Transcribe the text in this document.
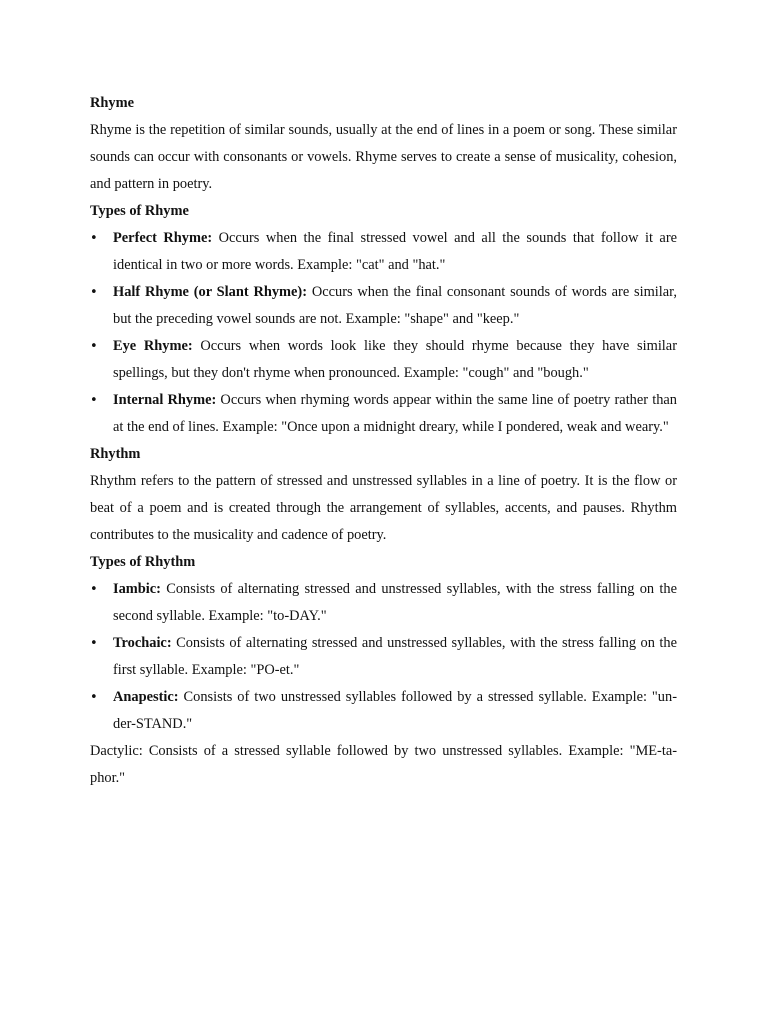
Rhyme

Rhyme is the repetition of similar sounds, usually at the end of lines in a poem or song. These similar sounds can occur with consonants or vowels. Rhyme serves to create a sense of musicality, cohesion, and pattern in poetry.

Types of Rhyme
• Perfect Rhyme: Occurs when the final stressed vowel and all the sounds that follow it are identical in two or more words. Example: "cat" and "hat."
• Half Rhyme (or Slant Rhyme): Occurs when the final consonant sounds of words are similar, but the preceding vowel sounds are not. Example: "shape" and "keep."
• Eye Rhyme: Occurs when words look like they should rhyme because they have similar spellings, but they don't rhyme when pronounced. Example: "cough" and "bough."
• Internal Rhyme: Occurs when rhyming words appear within the same line of poetry rather than at the end of lines. Example: "Once upon a midnight dreary, while I pondered, weak and weary."
Rhythm

Rhythm refers to the pattern of stressed and unstressed syllables in a line of poetry. It is the flow or beat of a poem and is created through the arrangement of syllables, accents, and pauses. Rhythm contributes to the musicality and cadence of poetry.

Types of Rhythm
• Iambic: Consists of alternating stressed and unstressed syllables, with the stress falling on the second syllable. Example: "to-DAY."
• Trochaic: Consists of alternating stressed and unstressed syllables, with the stress falling on the first syllable. Example: "PO-et."
• Anapestic: Consists of two unstressed syllables followed by a stressed syllable. Example: "un-der-STAND."

Dactylic: Consists of a stressed syllable followed by two unstressed syllables. Example: "ME-ta-phor."
